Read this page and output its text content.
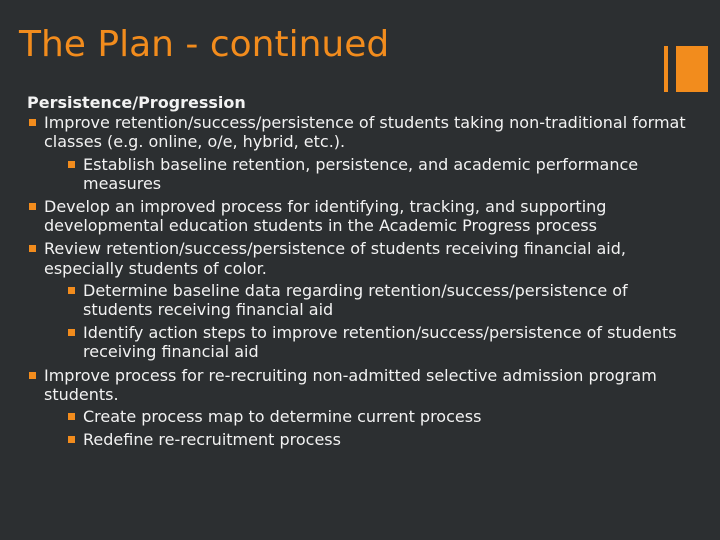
The Plan - continued
Persistence/Progression
Improve retention/success/persistence of students taking non-traditional format classes (e.g. online, o/e, hybrid, etc.).
Establish baseline retention, persistence, and academic performance measures
Develop an improved process for identifying, tracking, and supporting developmental education students in the Academic Progress process
Review retention/success/persistence of students receiving financial aid, especially students of color.
Determine baseline data regarding retention/success/persistence of students receiving financial aid
Identify action steps to improve retention/success/persistence of students receiving financial aid
Improve process for re-recruiting non-admitted selective admission program students.
Create process map to determine current process
Redefine re-recruitment process
